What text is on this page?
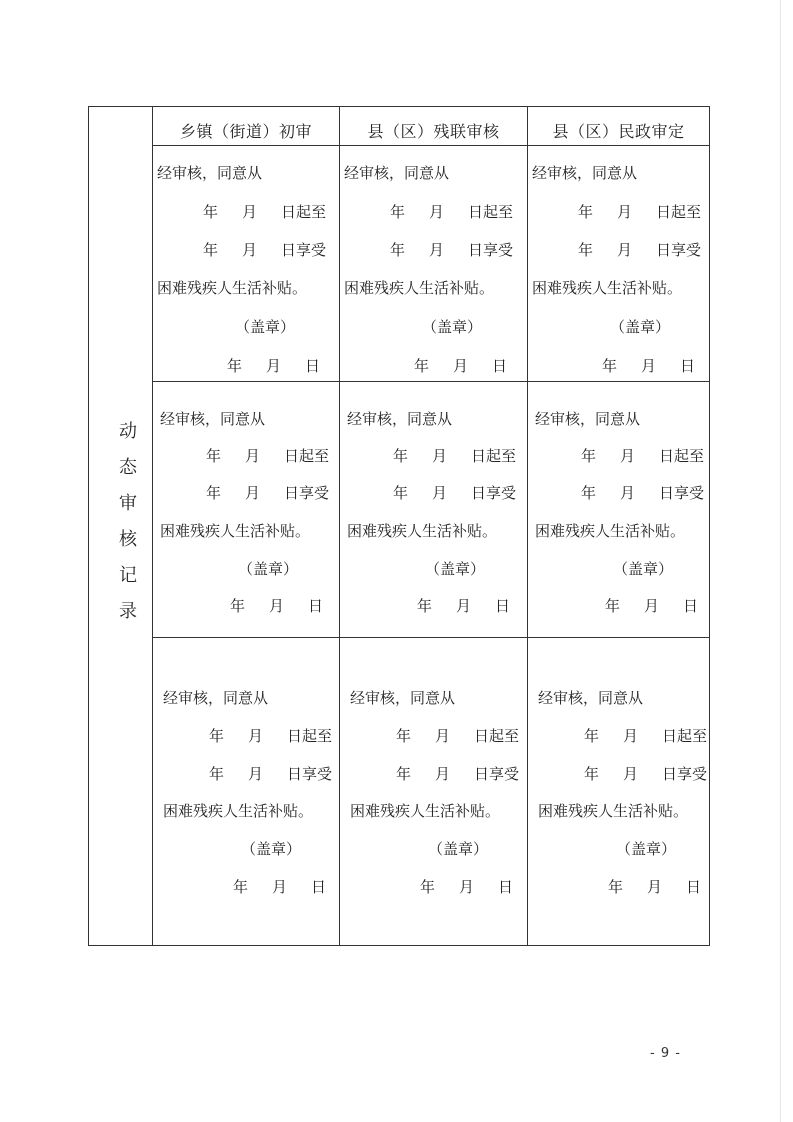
动
态
审
核
记
录
乡镇（街道）初审	县（区）残联审核	县（区）民政审定
经审核，同意从
年 月 日起至
年 月 日享受
困难残疾人生活补贴。
（盖章）
年 月 日
经审核，同意从
年 月 日起至
年 月 日享受
困难残疾人生活补贴。
（盖章）
年 月 日
经审核，同意从
年 月 日起至
年 月 日享受
困难残疾人生活补贴。
（盖章）
年 月 日
经审核，同意从
年 月 日起至
年 月 日享受
困难残疾人生活补贴。
（盖章）
年 月 日
经审核，同意从
年 月 日起至
年 月 日享受
困难残疾人生活补贴。
（盖章）
年 月 日
经审核，同意从
年 月 日起至
年 月 日享受
困难残疾人生活补贴。
（盖章）
年 月 日
经审核，同意从
年 月 日起至
年 月 日享受
困难残疾人生活补贴。
（盖章）
年 月 日
经审核，同意从
年 月 日起至
年 月 日享受
困难残疾人生活补贴。
（盖章）
年 月 日
经审核，同意从
年 月 日起至
年 月 日享受
困难残疾人生活补贴。
（盖章）
年 月 日
- 9 -
